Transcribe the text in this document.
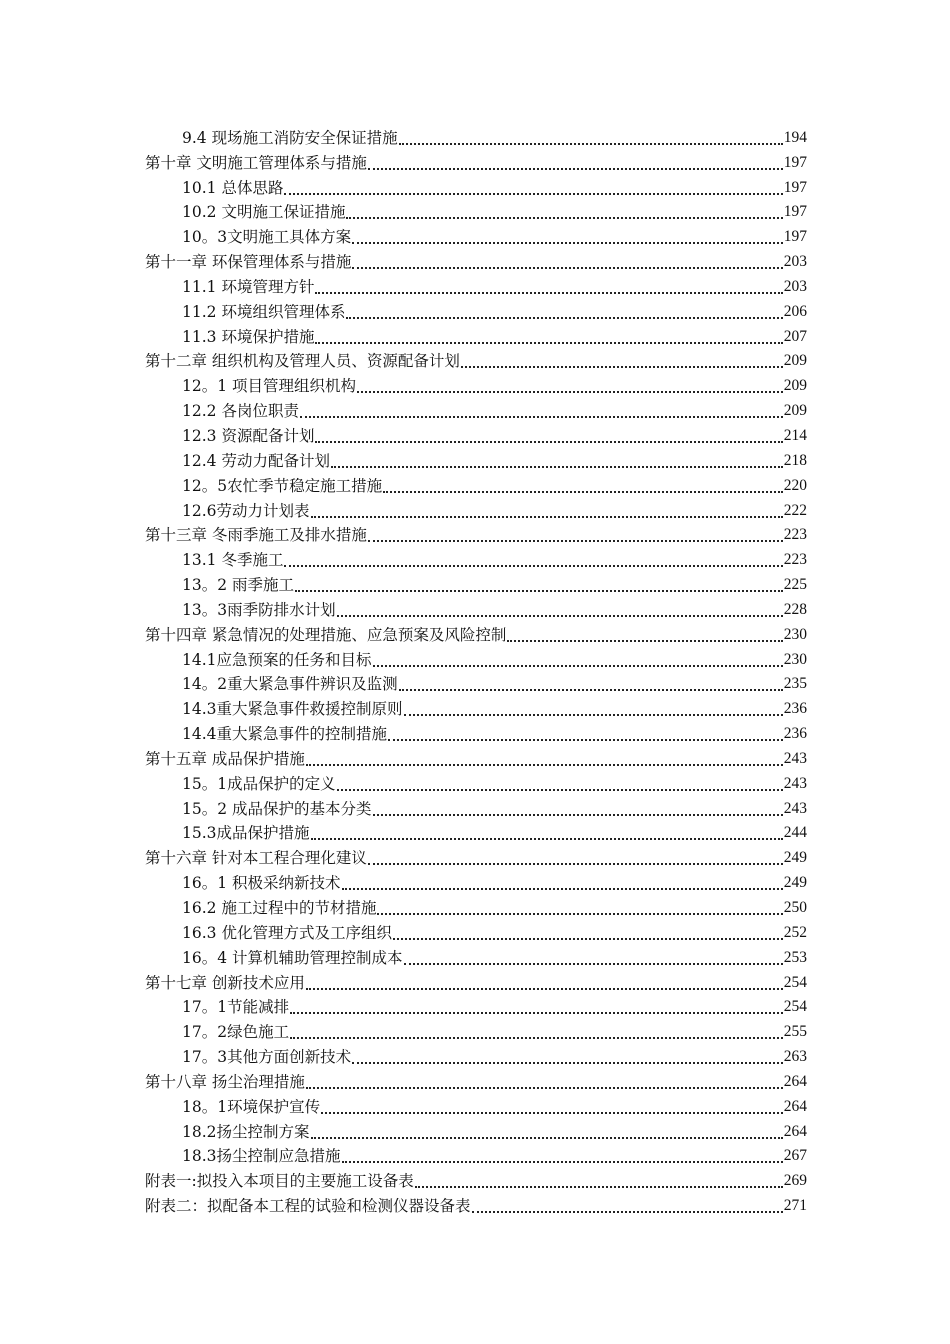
9.4 现场施工消防安全保证措施	194
第十章 文明施工管理体系与措施	197
10.1 总体思路	197
10.2 文明施工保证措施	197
10。3文明施工具体方案	197
第十一章 环保管理体系与措施	203
11.1 环境管理方针	203
11.2 环境组织管理体系	206
11.3 环境保护措施	207
第十二章 组织机构及管理人员、资源配备计划	209
12。1 项目管理组织机构	209
12.2 各岗位职责	209
12.3 资源配备计划	214
12.4 劳动力配备计划	218
12。5农忙季节稳定施工措施	220
12.6劳动力计划表	222
第十三章 冬雨季施工及排水措施	223
13.1 冬季施工	223
13。2 雨季施工	225
13。3雨季防排水计划	228
第十四章 紧急情况的处理措施、应急预案及风险控制	230
14.1应急预案的任务和目标	230
14。2重大紧急事件辨识及监测	235
14.3重大紧急事件救援控制原则	236
14.4重大紧急事件的控制措施	236
第十五章 成品保护措施	243
15。1成品保护的定义	243
15。2 成品保护的基本分类	243
15.3成品保护措施	244
第十六章 针对本工程合理化建议	249
16。1 积极采纳新技术	249
16.2 施工过程中的节材措施	250
16.3 优化管理方式及工序组织	252
16。4 计算机辅助管理控制成本	253
第十七章 创新技术应用	254
17。1节能减排	254
17。2绿色施工	255
17。3其他方面创新技术	263
第十八章 扬尘治理措施	264
18。1环境保护宣传	264
18.2扬尘控制方案	264
18.3扬尘控制应急措施	267
附表一:拟投入本项目的主要施工设备表	269
附表二：拟配备本工程的试验和检测仪器设备表	271
